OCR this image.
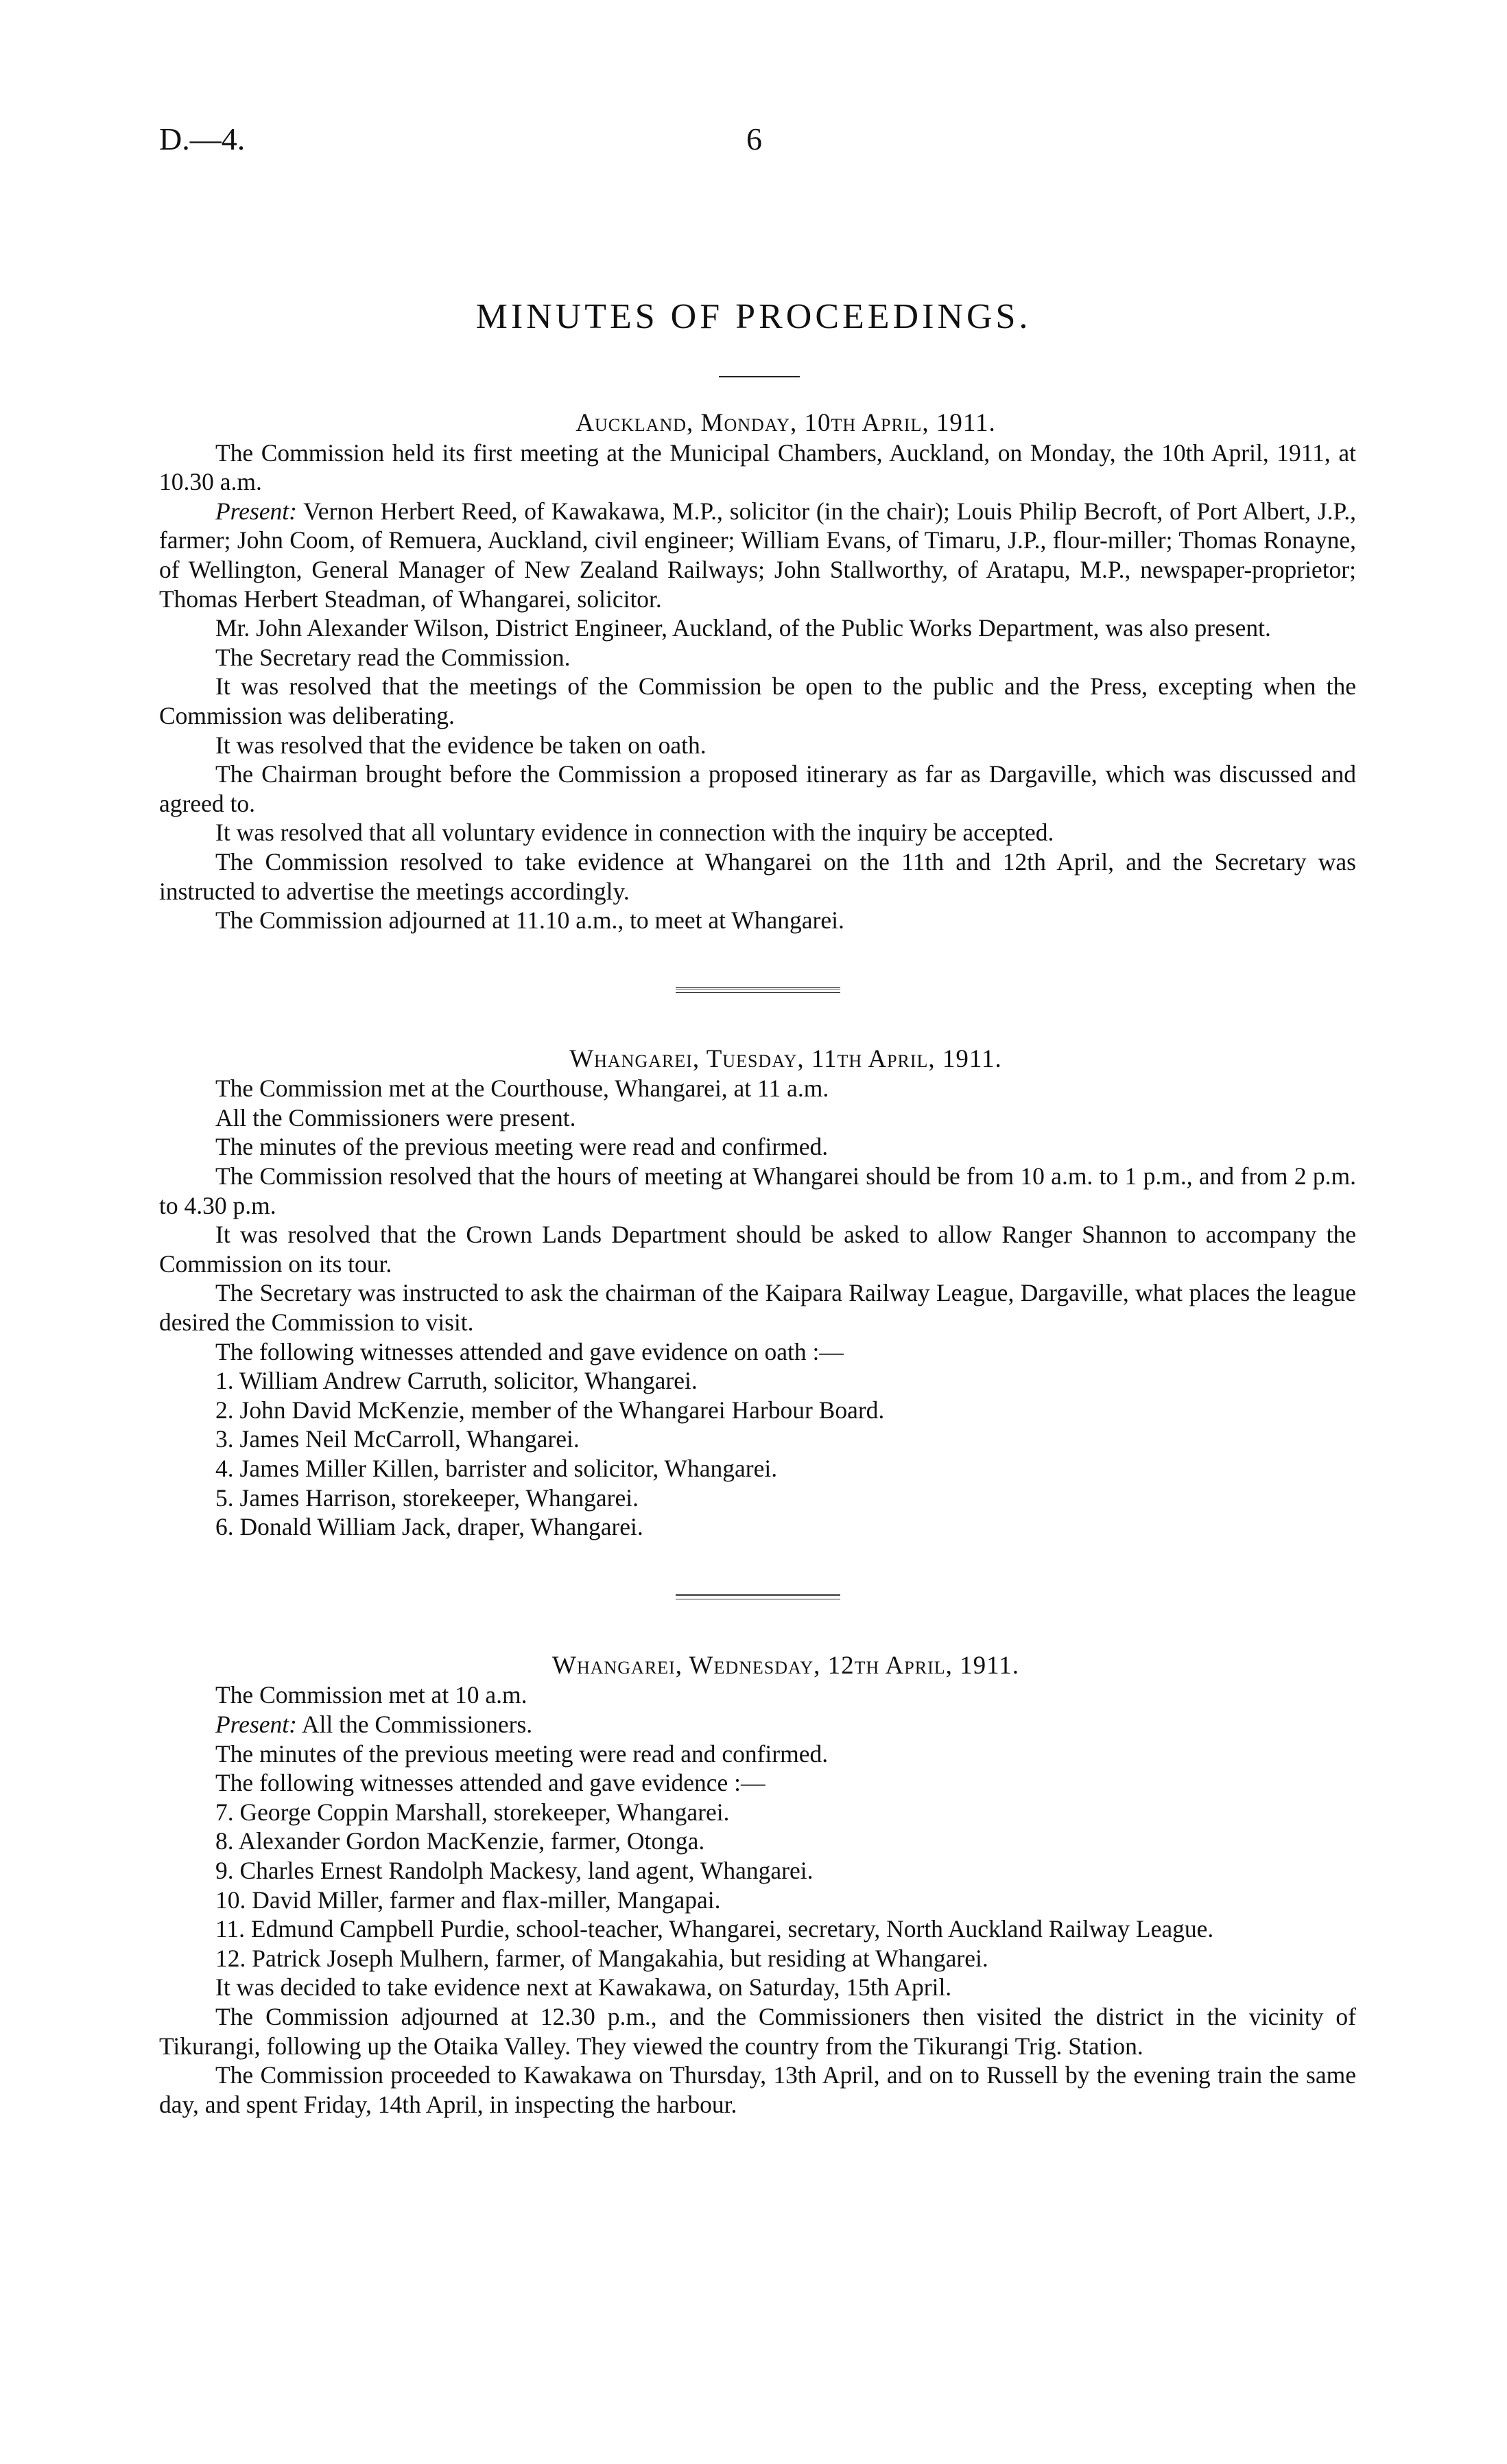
D.—4.	6
MINUTES OF PROCEEDINGS.

Auckland, Monday, 10th April, 1911.

The Commission held its first meeting at the Municipal Chambers, Auckland, on Monday, the 10th April, 1911, at 10.30 a.m.

Present: Vernon Herbert Reed, of Kawakawa, M.P., solicitor (in the chair); Louis Philip Becroft, of Port Albert, J.P., farmer; John Coom, of Remuera, Auckland, civil engineer; William Evans, of Timaru, J.P., flour-miller; Thomas Ronayne, of Wellington, General Manager of New Zealand Railways; John Stallworthy, of Aratapu, M.P., newspaper-proprietor; Thomas Herbert Steadman, of Whangarei, solicitor.

Mr. John Alexander Wilson, District Engineer, Auckland, of the Public Works Department, was also present.

The Secretary read the Commission.

It was resolved that the meetings of the Commission be open to the public and the Press, excepting when the Commission was deliberating.

It was resolved that the evidence be taken on oath.

The Chairman brought before the Commission a proposed itinerary as far as Dargaville, which was discussed and agreed to.

It was resolved that all voluntary evidence in connection with the inquiry be accepted.

The Commission resolved to take evidence at Whangarei on the 11th and 12th April, and the Secretary was instructed to advertise the meetings accordingly.

The Commission adjourned at 11.10 a.m., to meet at Whangarei.

Whangarei, Tuesday, 11th April, 1911.

The Commission met at the Courthouse, Whangarei, at 11 a.m.

All the Commissioners were present.

The minutes of the previous meeting were read and confirmed.

The Commission resolved that the hours of meeting at Whangarei should be from 10 a.m. to 1 p.m., and from 2 p.m. to 4.30 p.m.

It was resolved that the Crown Lands Department should be asked to allow Ranger Shannon to accompany the Commission on its tour.

The Secretary was instructed to ask the chairman of the Kaipara Railway League, Dargaville, what places the league desired the Commission to visit.

The following witnesses attended and gave evidence on oath :—

1. William Andrew Carruth, solicitor, Whangarei.

2. John David McKenzie, member of the Whangarei Harbour Board.

3. James Neil McCarroll, Whangarei.

4. James Miller Killen, barrister and solicitor, Whangarei.

5. James Harrison, storekeeper, Whangarei.

6. Donald William Jack, draper, Whangarei.

Whangarei, Wednesday, 12th April, 1911.

The Commission met at 10 a.m.

Present: All the Commissioners.

The minutes of the previous meeting were read and confirmed.

The following witnesses attended and gave evidence :—

7. George Coppin Marshall, storekeeper, Whangarei.

8. Alexander Gordon MacKenzie, farmer, Otonga.

9. Charles Ernest Randolph Mackesy, land agent, Whangarei.

10. David Miller, farmer and flax-miller, Mangapai.

11. Edmund Campbell Purdie, school-teacher, Whangarei, secretary, North Auckland Railway League.

12. Patrick Joseph Mulhern, farmer, of Mangakahia, but residing at Whangarei.

It was decided to take evidence next at Kawakawa, on Saturday, 15th April.

The Commission adjourned at 12.30 p.m., and the Commissioners then visited the district in the vicinity of Tikurangi, following up the Otaika Valley. They viewed the country from the Tikurangi Trig. Station.

The Commission proceeded to Kawakawa on Thursday, 13th April, and on to Russell by the evening train the same day, and spent Friday, 14th April, in inspecting the harbour.
